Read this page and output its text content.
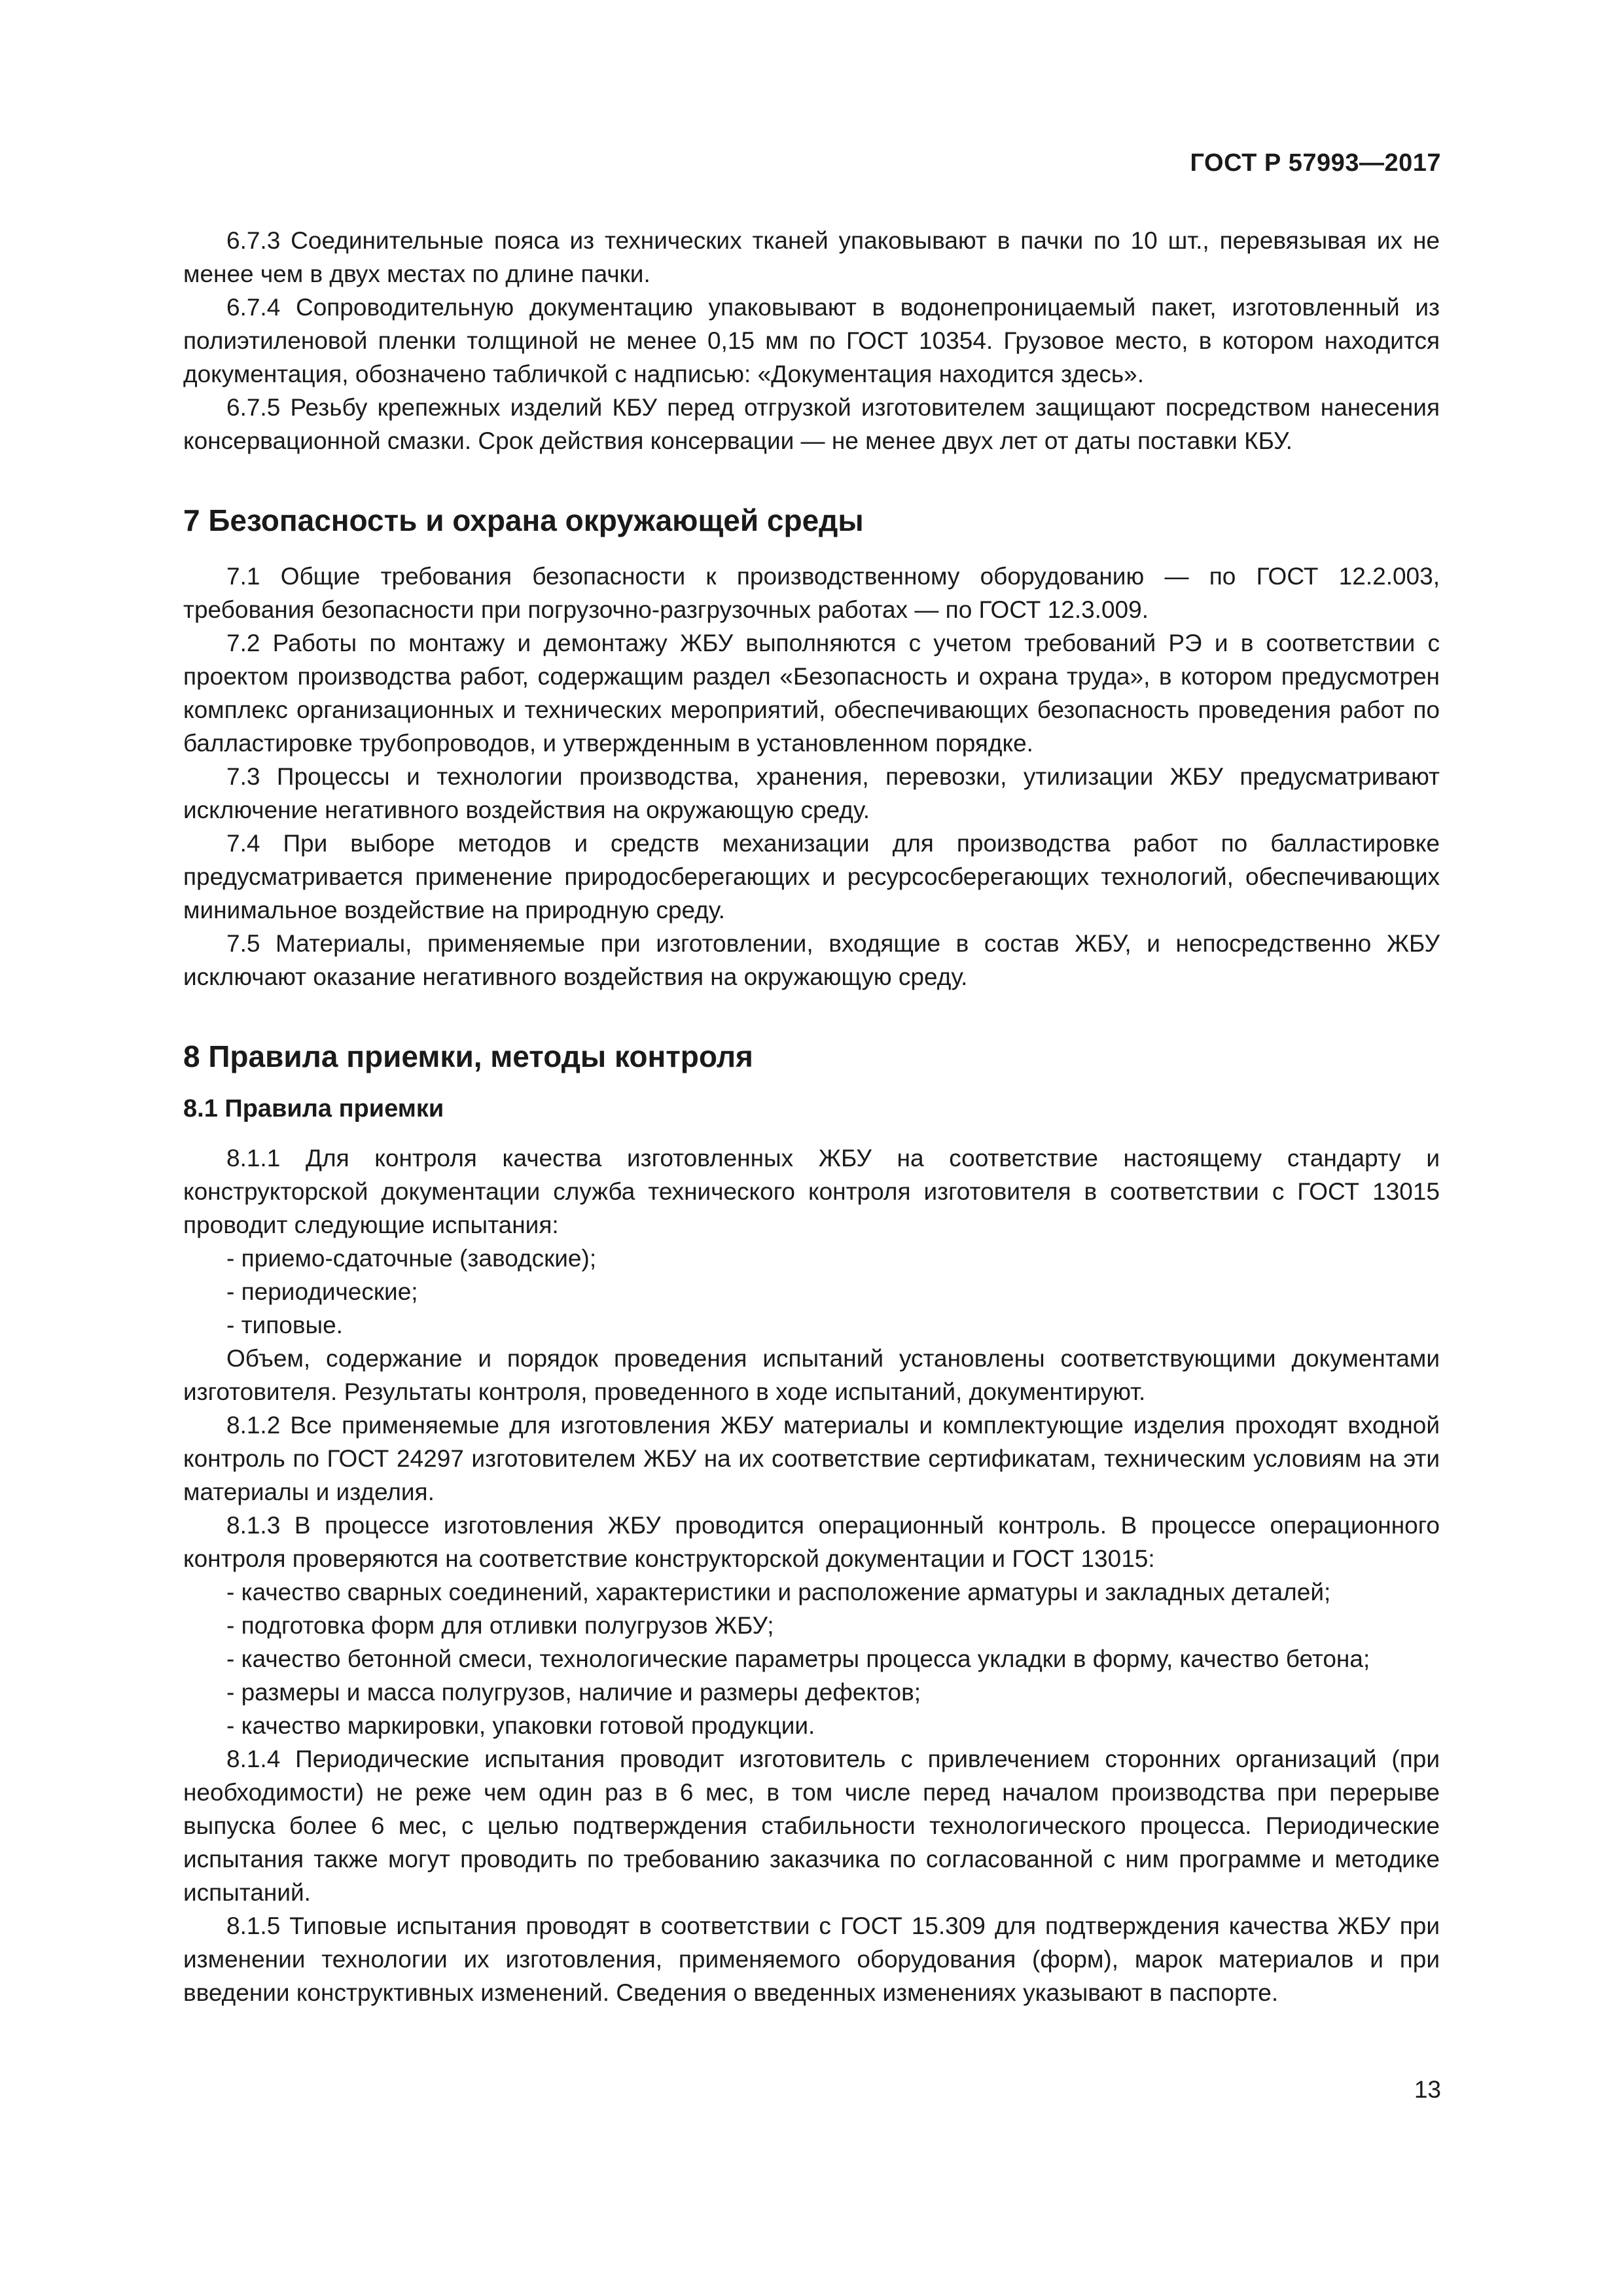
ГОСТ Р 57993—2017

6.7.3 Соединительные пояса из технических тканей упаковывают в пачки по 10 шт., перевязывая их не менее чем в двух местах по длине пачки.

6.7.4 Сопроводительную документацию упаковывают в водонепроницаемый пакет, изготовленный из полиэтиленовой пленки толщиной не менее 0,15 мм по ГОСТ 10354. Грузовое место, в котором находится документация, обозначено табличкой с надписью: «Документация находится здесь».

6.7.5 Резьбу крепежных изделий КБУ перед отгрузкой изготовителем защищают посредством нанесения консервационной смазки. Срок действия консервации — не менее двух лет от даты поставки КБУ.

7 Безопасность и охрана окружающей среды

7.1 Общие требования безопасности к производственному оборудованию — по ГОСТ 12.2.003, требования безопасности при погрузочно-разгрузочных работах — по ГОСТ 12.3.009.

7.2 Работы по монтажу и демонтажу ЖБУ выполняются с учетом требований РЭ и в соответствии с проектом производства работ, содержащим раздел «Безопасность и охрана труда», в котором предусмотрен комплекс организационных и технических мероприятий, обеспечивающих безопасность проведения работ по балластировке трубопроводов, и утвержденным в установленном порядке.

7.3 Процессы и технологии производства, хранения, перевозки, утилизации ЖБУ предусматривают исключение негативного воздействия на окружающую среду.

7.4 При выборе методов и средств механизации для производства работ по балластировке предусматривается применение природосберегающих и ресурсосберегающих технологий, обеспечивающих минимальное воздействие на природную среду.

7.5 Материалы, применяемые при изготовлении, входящие в состав ЖБУ, и непосредственно ЖБУ исключают оказание негативного воздействия на окружающую среду.

8 Правила приемки, методы контроля
8.1 Правила приемки

8.1.1 Для контроля качества изготовленных ЖБУ на соответствие настоящему стандарту и конструкторской документации служба технического контроля изготовителя в соответствии с ГОСТ 13015 проводит следующие испытания:

- приемо-сдаточные (заводские);

- периодические;

- типовые.

Объем, содержание и порядок проведения испытаний установлены соответствующими документами изготовителя. Результаты контроля, проведенного в ходе испытаний, документируют.

8.1.2 Все применяемые для изготовления ЖБУ материалы и комплектующие изделия проходят входной контроль по ГОСТ 24297 изготовителем ЖБУ на их соответствие сертификатам, техническим условиям на эти материалы и изделия.

8.1.3 В процессе изготовления ЖБУ проводится операционный контроль. В процессе операционного контроля проверяются на соответствие конструкторской документации и ГОСТ 13015:

- качество сварных соединений, характеристики и расположение арматуры и закладных деталей;

- подготовка форм для отливки полугрузов ЖБУ;

- качество бетонной смеси, технологические параметры процесса укладки в форму, качество бетона;

- размеры и масса полугрузов, наличие и размеры дефектов;

- качество маркировки, упаковки готовой продукции.

8.1.4 Периодические испытания проводит изготовитель с привлечением сторонних организаций (при необходимости) не реже чем один раз в 6 мес, в том числе перед началом производства при перерыве выпуска более 6 мес, с целью подтверждения стабильности технологического процесса. Периодические испытания также могут проводить по требованию заказчика по согласованной с ним программе и методике испытаний.

8.1.5 Типовые испытания проводят в соответствии с ГОСТ 15.309 для подтверждения качества ЖБУ при изменении технологии их изготовления, применяемого оборудования (форм), марок материалов и при введении конструктивных изменений. Сведения о введенных изменениях указывают в паспорте.

13
